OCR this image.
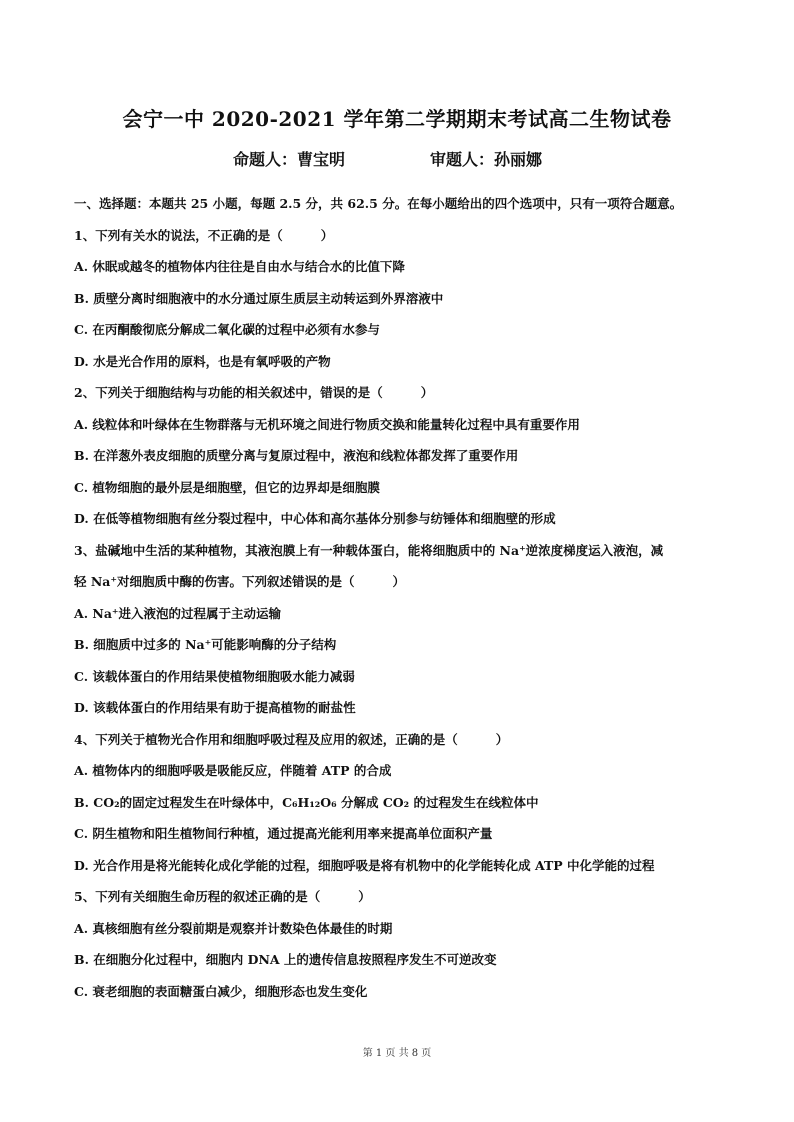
会宁一中 2020-2021 学年第二学期期末考试高二生物试卷
命题人：曹宝明	审题人：孙丽娜
一、选择题：本题共 25 小题，每题 2.5 分，共 62.5 分。在每小题给出的四个选项中，只有一项符合题意。
1、下列有关水的说法，不正确的是（	）
A. 休眠或越冬的植物体内往往是自由水与结合水的比值下降
B. 质壁分离时细胞液中的水分通过原生质层主动转运到外界溶液中
C. 在丙酮酸彻底分解成二氧化碳的过程中必须有水参与
D. 水是光合作用的原料，也是有氧呼吸的产物
2、下列关于细胞结构与功能的相关叙述中，错误的是（	）
A. 线粒体和叶绿体在生物群落与无机环境之间进行物质交换和能量转化过程中具有重要作用
B. 在洋葱外表皮细胞的质壁分离与复原过程中，液泡和线粒体都发挥了重要作用
C. 植物细胞的最外层是细胞壁，但它的边界却是细胞膜
D. 在低等植物细胞有丝分裂过程中，中心体和高尔基体分别参与纺锤体和细胞壁的形成
3、盐碱地中生活的某种植物，其液泡膜上有一种载体蛋白，能将细胞质中的 Na⁺逆浓度梯度运入液泡，减
轻 Na⁺对细胞质中酶的伤害。下列叙述错误的是（	）
A. Na⁺进入液泡的过程属于主动运输
B. 细胞质中过多的 Na⁺可能影响酶的分子结构
C. 该载体蛋白的作用结果使植物细胞吸水能力减弱
D. 该载体蛋白的作用结果有助于提高植物的耐盐性
4、下列关于植物光合作用和细胞呼吸过程及应用的叙述，正确的是（	）
A. 植物体内的细胞呼吸是吸能反应，伴随着 ATP 的合成
B. CO₂的固定过程发生在叶绿体中，C₆H₁₂O₆ 分解成 CO₂ 的过程发生在线粒体中
C. 阴生植物和阳生植物间行种植，通过提高光能利用率来提高单位面积产量
D. 光合作用是将光能转化成化学能的过程，细胞呼吸是将有机物中的化学能转化成 ATP 中化学能的过程
5、下列有关细胞生命历程的叙述正确的是（	）
A. 真核细胞有丝分裂前期是观察并计数染色体最佳的时期
B. 在细胞分化过程中，细胞内 DNA 上的遗传信息按照程序发生不可逆改变
C. 衰老细胞的表面糖蛋白减少，细胞形态也发生变化
第 1 页 共 8 页
